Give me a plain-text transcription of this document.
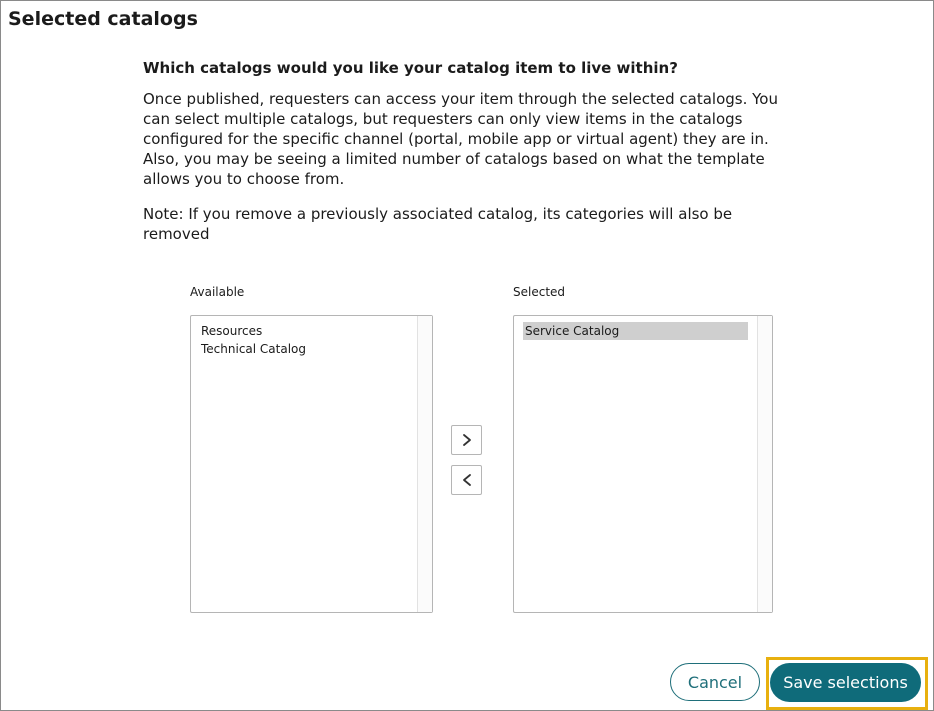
Selected catalogs

Which catalogs would you like your catalog item to live within?

Once published, requesters can access your item through the selected catalogs. You can select multiple catalogs, but requesters can only view items in the catalogs configured for the specific channel (portal, mobile app or virtual agent) they are in. Also, you may be seeing a limited number of catalogs based on what the template allows you to choose from.

Note: If you remove a previously associated catalog, its categories will also be removed

Available
Resources
Technical Catalog
Selected
Service Catalog
Cancel	Save selections
